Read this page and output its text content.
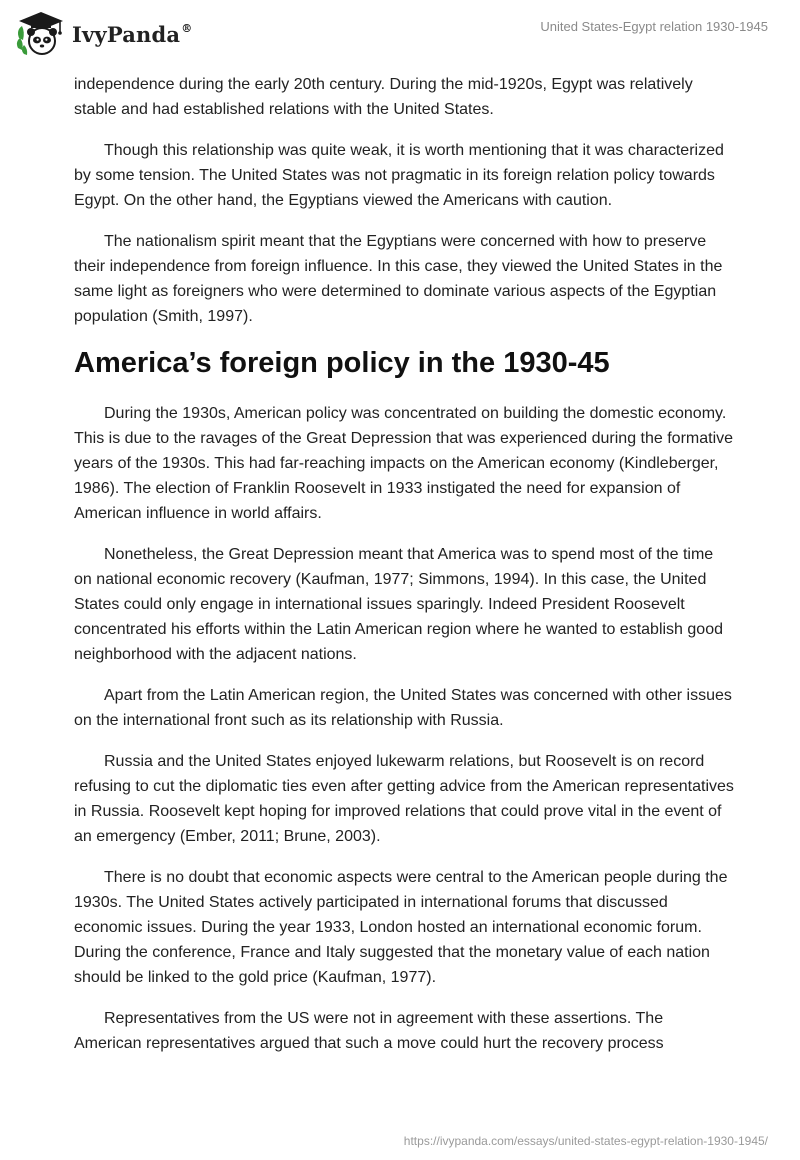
IvyPanda®	United States-Egypt relation 1930-1945

independence during the early 20th century. During the mid-1920s, Egypt was relatively stable and had established relations with the United States.

Though this relationship was quite weak, it is worth mentioning that it was characterized by some tension. The United States was not pragmatic in its foreign relation policy towards Egypt. On the other hand, the Egyptians viewed the Americans with caution.

The nationalism spirit meant that the Egyptians were concerned with how to preserve their independence from foreign influence. In this case, they viewed the United States in the same light as foreigners who were determined to dominate various aspects of the Egyptian population (Smith, 1997).

America’s foreign policy in the 1930-45

During the 1930s, American policy was concentrated on building the domestic economy. This is due to the ravages of the Great Depression that was experienced during the formative years of the 1930s. This had far-reaching impacts on the American economy (Kindleberger, 1986). The election of Franklin Roosevelt in 1933 instigated the need for expansion of American influence in world affairs.

Nonetheless, the Great Depression meant that America was to spend most of the time on national economic recovery (Kaufman, 1977; Simmons, 1994). In this case, the United States could only engage in international issues sparingly. Indeed President Roosevelt concentrated his efforts within the Latin American region where he wanted to establish good neighborhood with the adjacent nations.

Apart from the Latin American region, the United States was concerned with other issues on the international front such as its relationship with Russia.

Russia and the United States enjoyed lukewarm relations, but Roosevelt is on record refusing to cut the diplomatic ties even after getting advice from the American representatives in Russia. Roosevelt kept hoping for improved relations that could prove vital in the event of an emergency (Ember, 2011; Brune, 2003).

There is no doubt that economic aspects were central to the American people during the 1930s. The United States actively participated in international forums that discussed economic issues. During the year 1933, London hosted an international economic forum. During the conference, France and Italy suggested that the monetary value of each nation should be linked to the gold price (Kaufman, 1977).

Representatives from the US were not in agreement with these assertions. The American representatives argued that such a move could hurt the recovery process

https://ivypanda.com/essays/united-states-egypt-relation-1930-1945/
